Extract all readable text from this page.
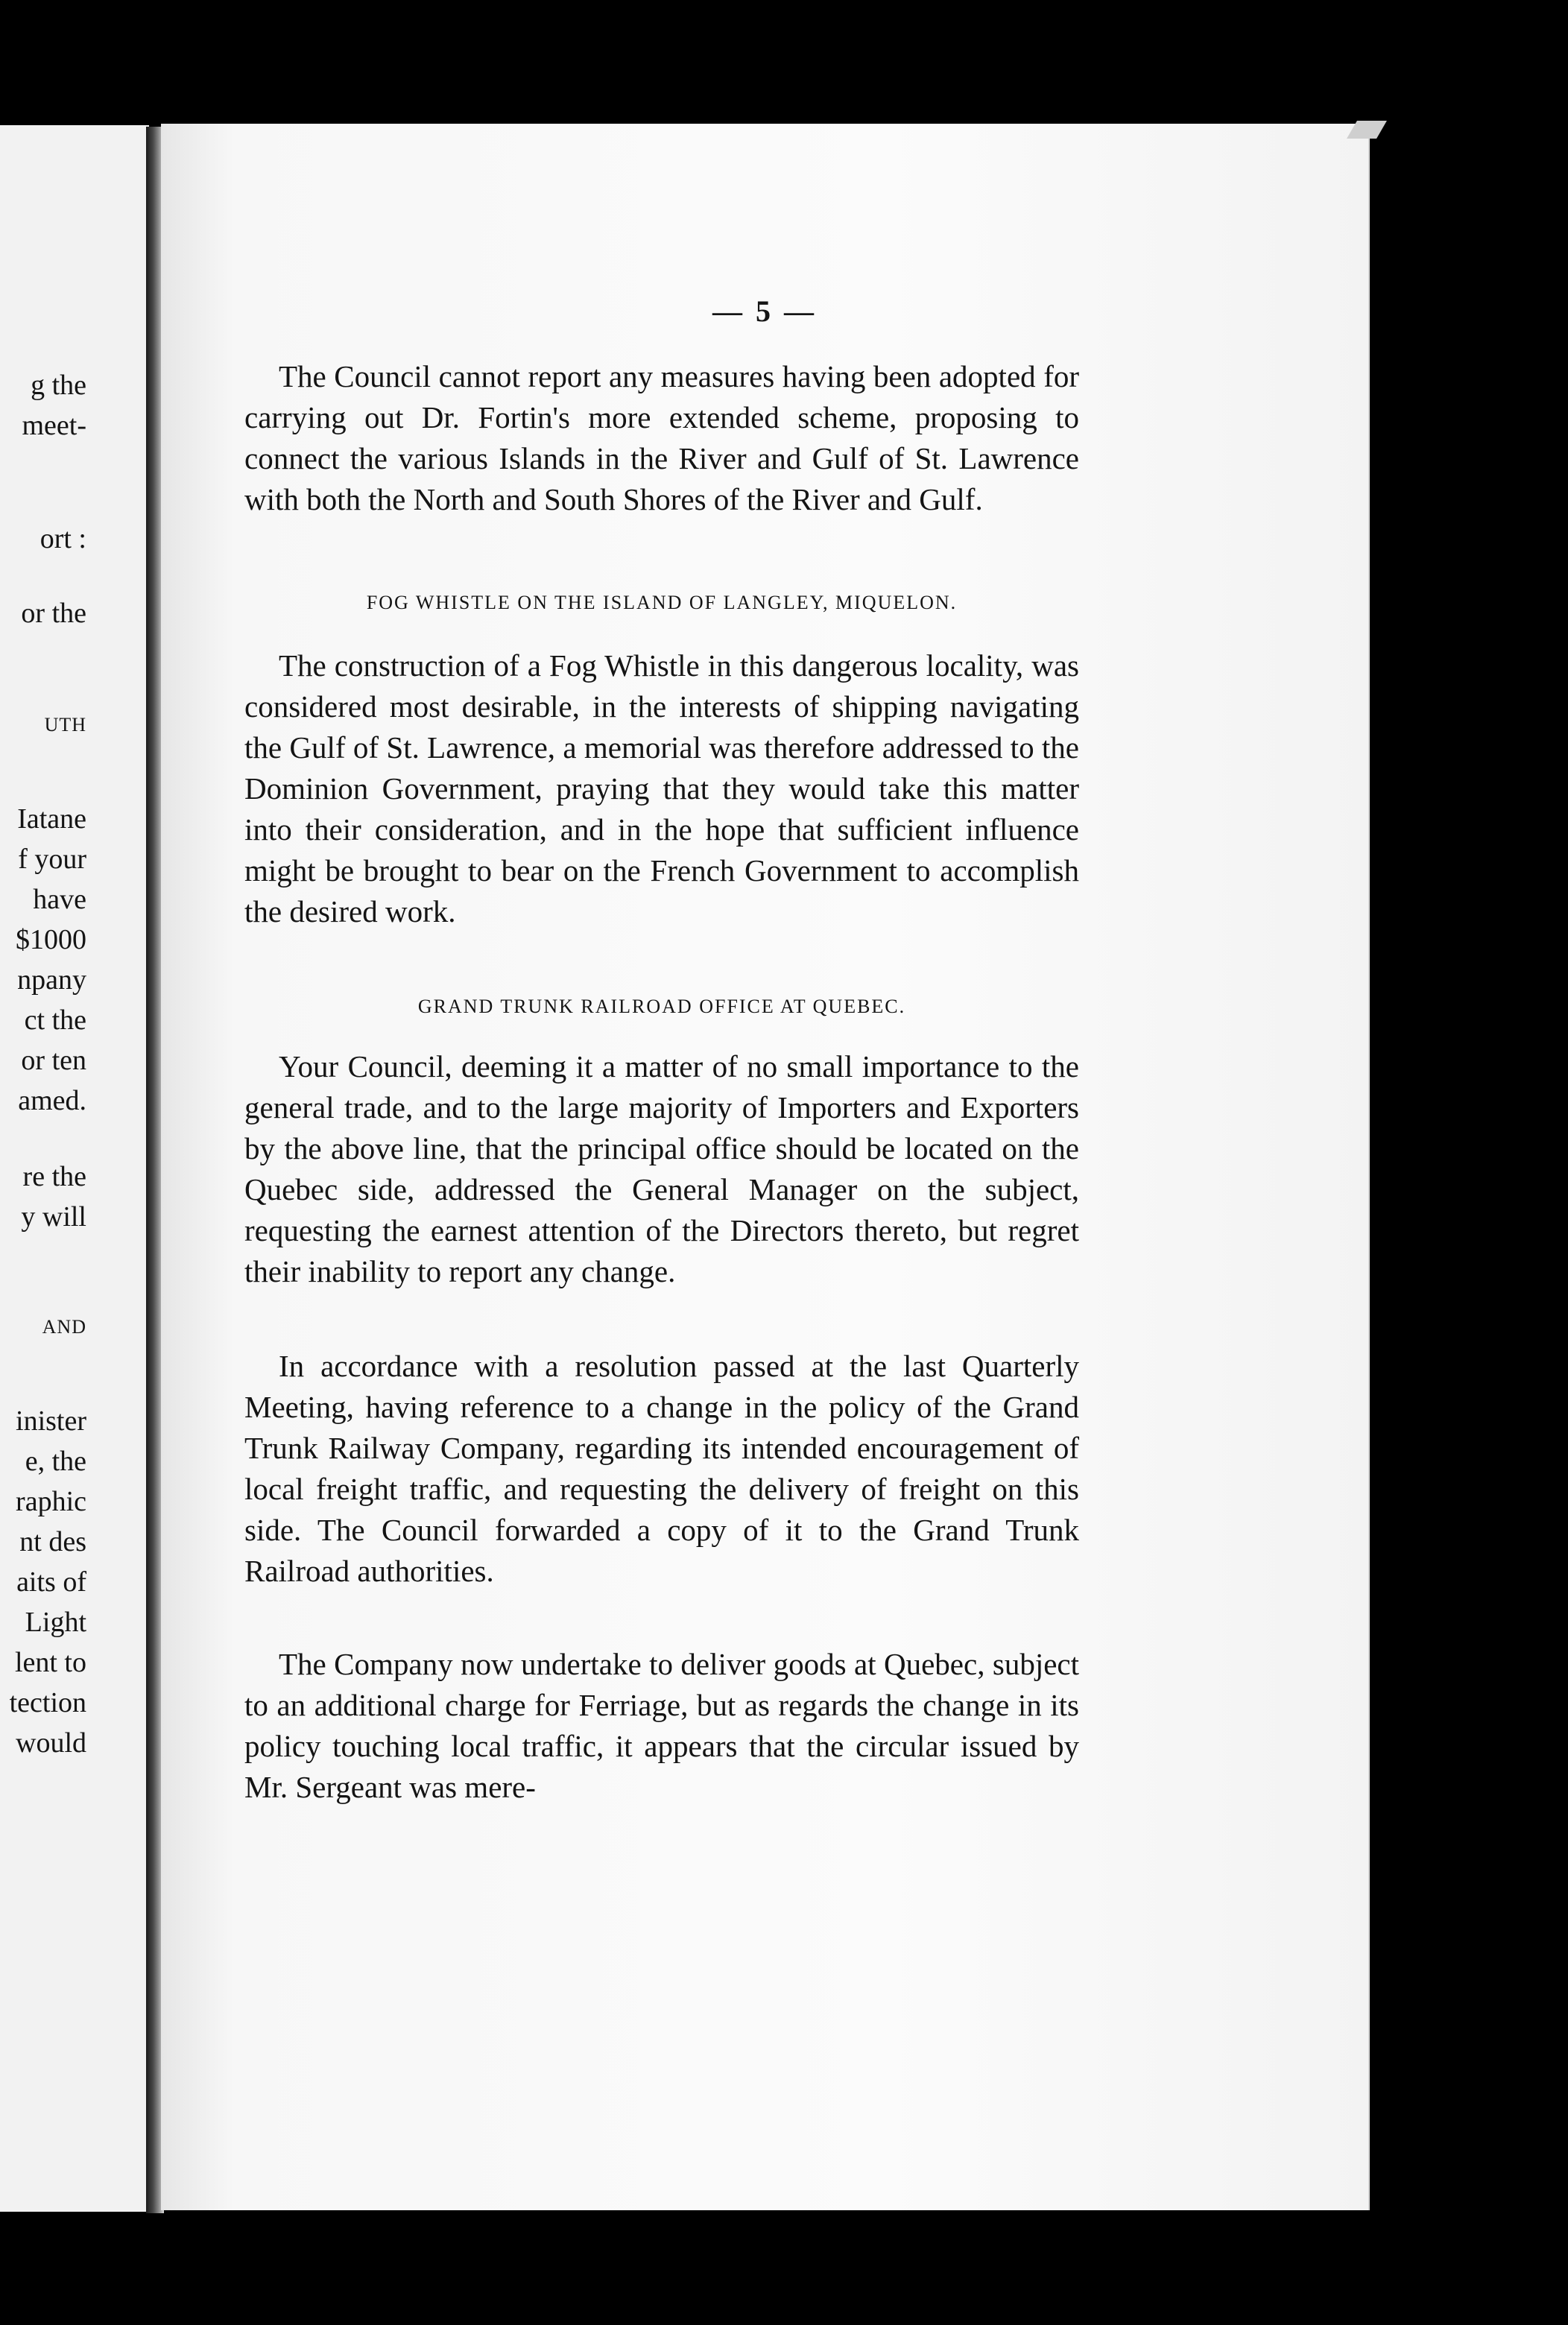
g the
meet-
ort :
or the
UTH
Iatane
f your
have
$1000
npany
ct the
or ten
amed.
re the
y will
AND
inister
e, the
raphic
nt des
aits of
Light
lent to
tection
would
— 5 —

The Council cannot report any measures having been adopted for carrying out Dr. Fortin's more extended scheme, proposing to connect the various Islands in the River and Gulf of St. Lawrence with both the North and South Shores of the River and Gulf.

FOG WHISTLE ON THE ISLAND OF LANGLEY, MIQUELON.

The construction of a Fog Whistle in this dangerous locality, was considered most desirable, in the interests of shipping navigating the Gulf of St. Lawrence, a memorial was therefore addressed to the Dominion Government, praying that they would take this matter into their consideration, and in the hope that sufficient influence might be brought to bear on the French Government to accomplish the desired work.

GRAND TRUNK RAILROAD OFFICE AT QUEBEC.

Your Council, deeming it a matter of no small importance to the general trade, and to the large majority of Importers and Exporters by the above line, that the principal office should be located on the Quebec side, addressed the General Manager on the subject, requesting the earnest attention of the Directors thereto, but regret their inability to report any change.

In accordance with a resolution passed at the last Quarterly Meeting, having reference to a change in the policy of the Grand Trunk Railway Company, regarding its intended encouragement of local freight traffic, and requesting the delivery of freight on this side. The Council forwarded a copy of it to the Grand Trunk Railroad authorities.

The Company now undertake to deliver goods at Quebec, subject to an additional charge for Ferriage, but as regards the change in its policy touching local traffic, it appears that the circular issued by Mr. Sergeant was mere-
